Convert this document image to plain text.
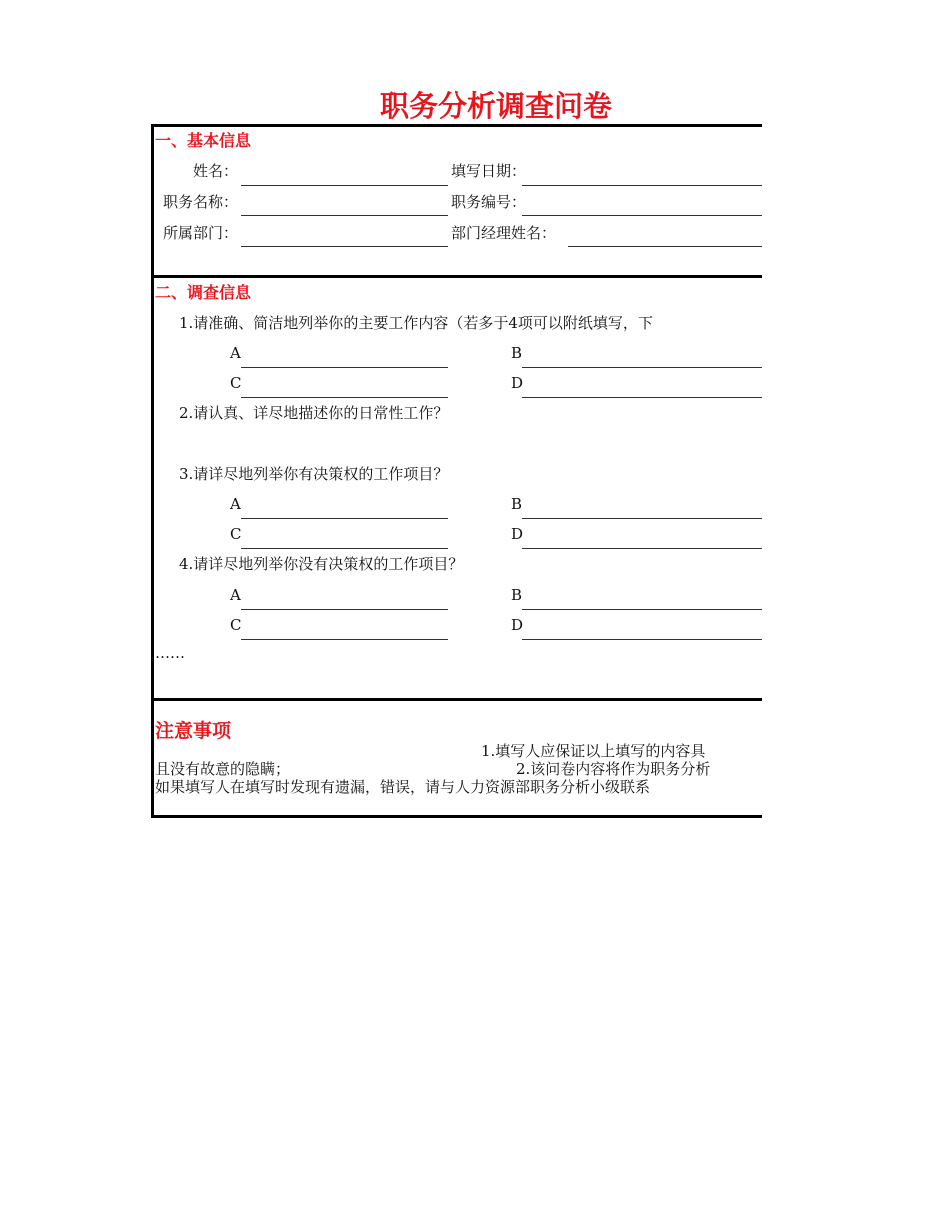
职务分析调查问卷
一、基本信息
姓名：	填写日期：
职务名称：	职务编号：
所属部门：	部门经理姓名：
二、调查信息
1.请准确、简洁地列举你的主要工作内容（若多于4项可以附纸填写，下
A	B
C	D
2.请认真、详尽地描述你的日常性工作？
3.请详尽地列举你有决策权的工作项目？
A	B
C	D
4.请详尽地列举你没有决策权的工作项目？
A	B
C	D
……
注意事项
1.填写人应保证以上填写的内容具
且没有故意的隐瞒；	2.该问卷内容将作为职务分析
如果填写人在填写时发现有遗漏，错误，请与人力资源部职务分析小级联系
